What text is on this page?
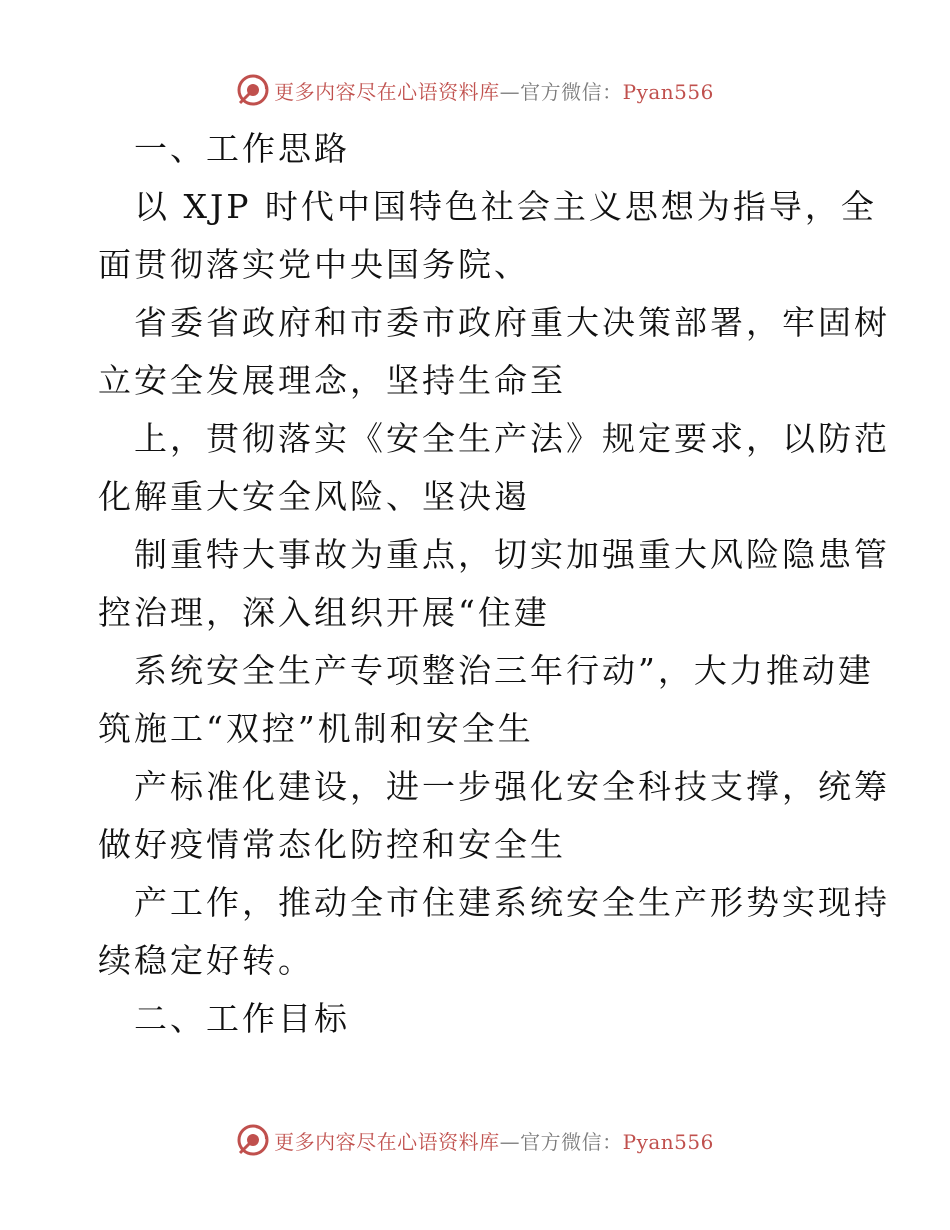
更多内容尽在心语资料库—官方微信：Pyan556
一、工作思路
以 XJP 时代中国特色社会主义思想为指导，全
面贯彻落实党中央国务院、
省委省政府和市委市政府重大决策部署，牢固树
立安全发展理念，坚持生命至
上，贯彻落实《安全生产法》规定要求，以防范
化解重大安全风险、坚决遏
制重特大事故为重点，切实加强重大风险隐患管
控治理，深入组织开展“住建
系统安全生产专项整治三年行动”，大力推动建
筑施工“双控”机制和安全生
产标准化建设，进一步强化安全科技支撑，统筹
做好疫情常态化防控和安全生
产工作，推动全市住建系统安全生产形势实现持
续稳定好转。
二、工作目标
更多内容尽在心语资料库—官方微信：Pyan556
